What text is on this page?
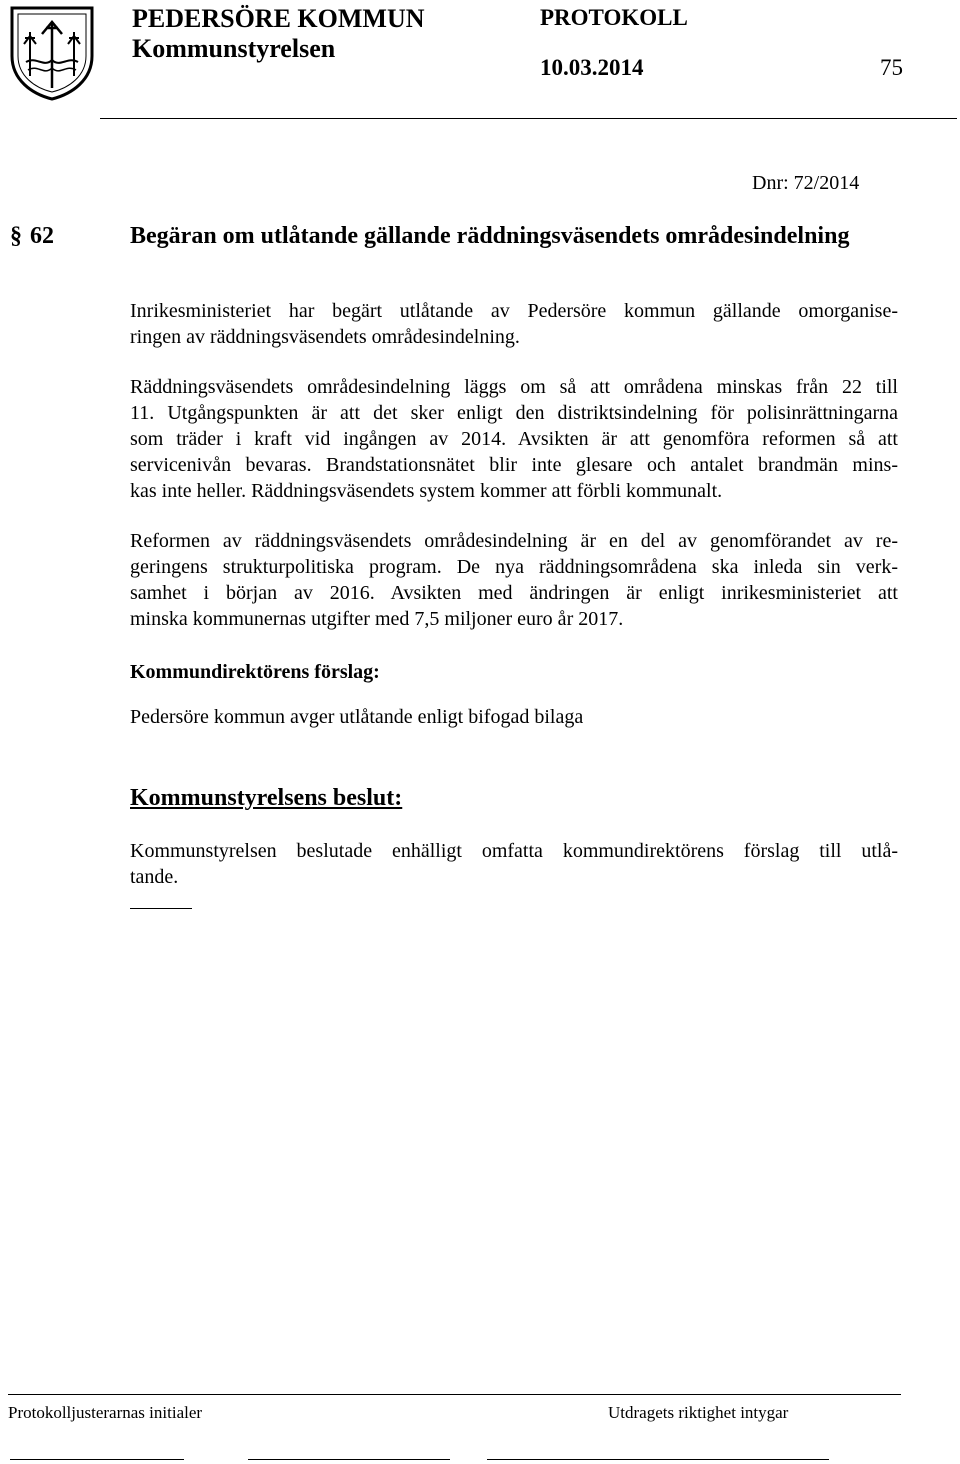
PEDERSÖRE KOMMUN	PROTOKOLL
Kommunstyrelsen
10.03.2014	75
Dnr: 72/2014
§ 62	Begäran om utlåtande gällande räddningsväsendets områdesindelning
Inrikesministeriet har begärt utlåtande av Pedersöre kommun gällande omorganise-
ringen av räddningsväsendets områdesindelning.
Räddningsväsendets områdesindelning läggs om så att områdena minskas från 22 till
11. Utgångspunkten är att det sker enligt den distriktsindelning för polisinrättningarna
som träder i kraft vid ingången av 2014. Avsikten är att genomföra reformen så att
servicenivån bevaras. Brandstationsnätet blir inte glesare och antalet brandmän mins-
kas inte heller. Räddningsväsendets system kommer att förbli kommunalt.
Reformen av räddningsväsendets områdesindelning är en del av genomförandet av re-
geringens strukturpolitiska program. De nya räddningsområdena ska inleda sin verk-
samhet i början av 2016. Avsikten med ändringen är enligt inrikesministeriet att
minska kommunernas utgifter med 7,5 miljoner euro år 2017.
Kommundirektörens förslag:
Pedersöre kommun avger utlåtande enligt bifogad bilaga
Kommunstyrelsens beslut:
Kommunstyrelsen beslutade enhälligt omfatta kommundirektörens förslag till utlå-
tande.
Protokolljusterarnas initialer	Utdragets riktighet intygar
